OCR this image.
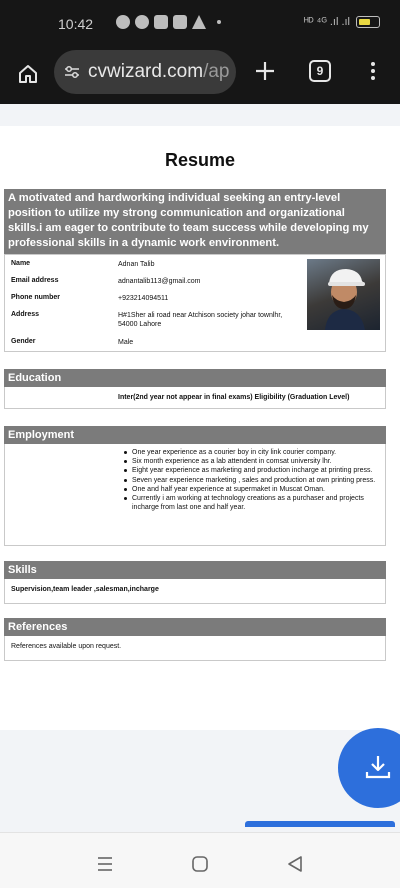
10:42	ᴴᴰ ⁴ᴳ .ıl .ıl
cvwizard.com/ap	9
Resume
A motivated and hardworking individual seeking an entry-level position to utilize my strong communication and organizational skills.i am eager to contribute to team success while developing my professional skills in a dynamic work environment.
Name	Adnan Talib
Email address	adnantalib113@gmail.com
Phone number	+923214094511
Address	H#1Sher ali road near Atchison society johar townlhr, 54000 Lahore
Gender	Male
Education
Inter(2nd year not appear in final exams) Eligibility (Graduation Level)
Employment
One year experience as a courier boy in city link courier company.
Six month experience as a lab attendent in comsat university lhr.
Eight year experience as marketing and production incharge at printing press.
Seven year experience marketing , sales and production at own printing press.
One and half year experience at supermaket in Muscat Oman.
Currently i am working at technology creations as a purchaser and projects incharge from last one and half year.
Skills
Supervision,team leader ,salesman,incharge
References
References available upon request.
